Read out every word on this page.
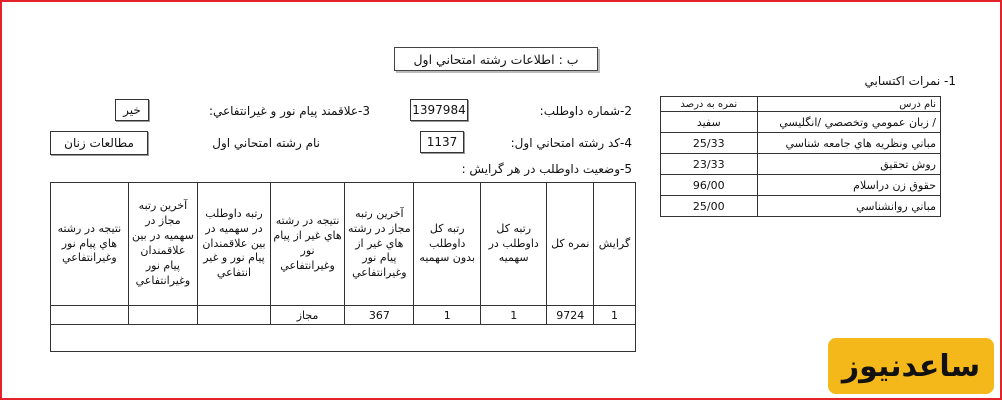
ب : اطلاعات رشته امتحاني اول
1- نمرات اكتسابي
نام درس	نمره به درصد
/ زبان عمومي وتخصصي /انگليسي	سفيد
مباني ونظريه هاي جامعه شناسي	25/33
روش تحقيق	23/33
حقوق زن دراسلام	96/00
مباني روانشناسي	25/00
2-شماره داوطلب:
1397984
3-علاقمند پيام نور و غيرانتفاعي:
خير
4-كد رشته امتحاني اول:
1137
نام رشته امتحاني اول
مطالعات زنان
5-وضعيت داوطلب در هر گرايش :
گرايش	نمره كل	رتبه كل داوطلب در سهميه	رتبه كل داوطلب بدون سهميه	آخرين رتبه مجاز در رشته هاي غير از پيام نور وغيرانتفاعي	نتيجه در رشته هاي غير از پيام نور وغيرانتفاعي	رتبه داوطلب در سهميه در بين علاقمندان پيام نور و غير انتفاعي	آخرين رتبه مجاز در سهميه در بين علاقمندان پيام نور وغيرانتفاعي	نتيجه در رشته هاي پيام نور وغيرانتفاعي
1	9724	1	1	367	مجاز			

ساعدنيوز
